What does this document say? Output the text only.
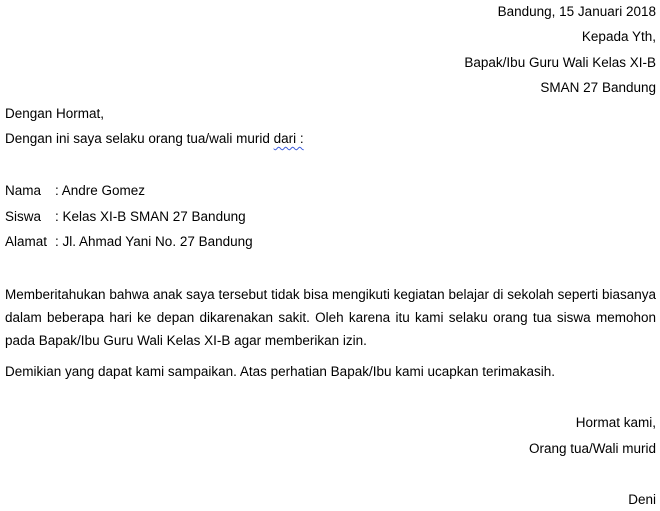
Bandung, 15 Januari 2018
Kepada Yth,
Bapak/Ibu Guru Wali Kelas XI-B
SMAN 27 Bandung
Dengan Hormat,
Dengan ini saya selaku orang tua/wali murid dari :
Nama : Andre Gomez
Siswa : Kelas XI-B SMAN 27 Bandung
Alamat : Jl. Ahmad Yani No. 27 Bandung
Memberitahukan bahwa anak saya tersebut tidak bisa mengikuti kegiatan belajar di sekolah seperti biasanya dalam beberapa hari ke depan dikarenakan sakit. Oleh karena itu kami selaku orang tua siswa memohon pada Bapak/Ibu Guru Wali Kelas XI-B agar memberikan izin.
Demikian yang dapat kami sampaikan. Atas perhatian Bapak/Ibu kami ucapkan terimakasih.
Hormat kami,
Orang tua/Wali murid
Deni
